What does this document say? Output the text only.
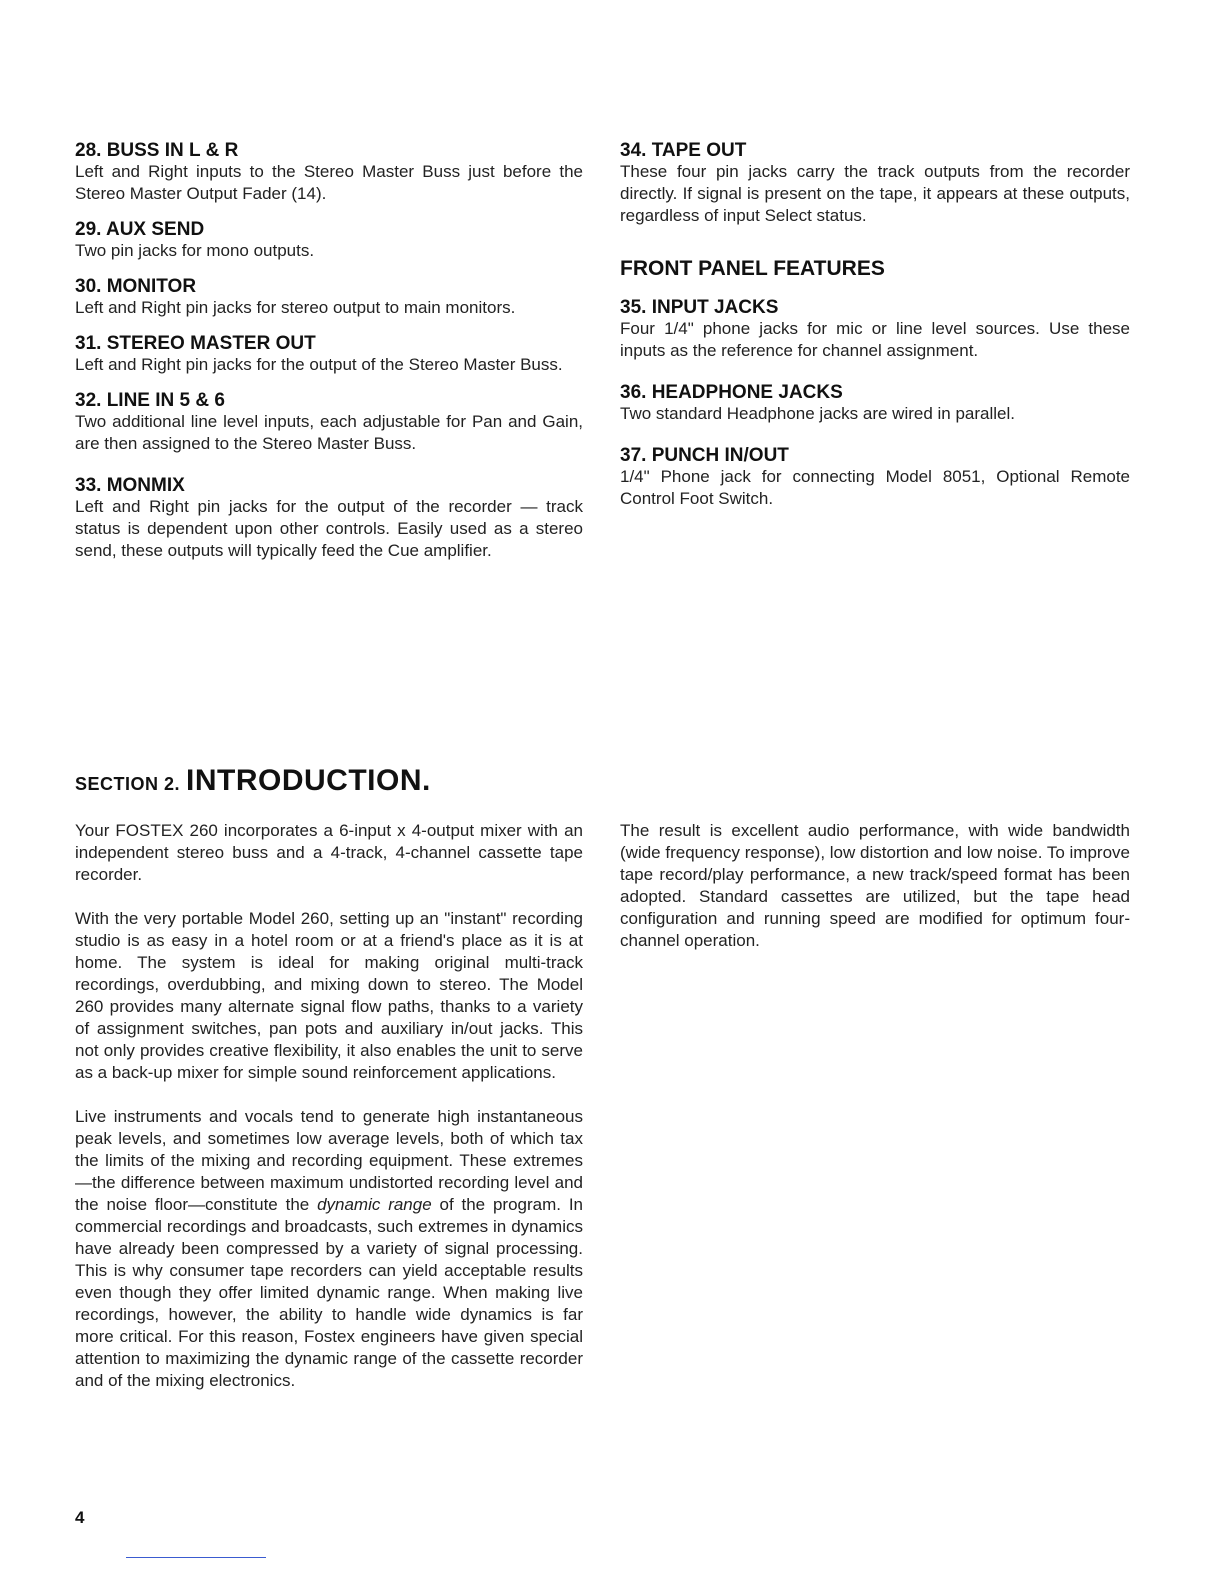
28. BUSS IN L & R

Left and Right inputs to the Stereo Master Buss just before the Stereo Master Output Fader (14).

29. AUX SEND

Two pin jacks for mono outputs.

30. MONITOR

Left and Right pin jacks for stereo output to main monitors.

31. STEREO MASTER OUT

Left and Right pin jacks for the output of the Stereo Master Buss.

32. LINE IN 5 & 6

Two additional line level inputs, each adjustable for Pan and Gain, are then assigned to the Stereo Master Buss.

33. MONMIX

Left and Right pin jacks for the output of the recorder — track status is dependent upon other controls. Easily used as a stereo send, these outputs will typically feed the Cue amplifier.

34. TAPE OUT

These four pin jacks carry the track outputs from the recorder directly. If signal is present on the tape, it appears at these outputs, regardless of input Select status.

FRONT PANEL FEATURES

35. INPUT JACKS

Four 1/4" phone jacks for mic or line level sources. Use these inputs as the reference for channel assignment.

36. HEADPHONE JACKS

Two standard Headphone jacks are wired in parallel.

37. PUNCH IN/OUT

1/4" Phone jack for connecting Model 8051, Optional Remote Control Foot Switch.

SECTION 2. INTRODUCTION.

Your FOSTEX 260 incorporates a 6-input x 4-output mixer with an independent stereo buss and a 4-track, 4-channel cassette tape recorder.

With the very portable Model 260, setting up an "instant" recording studio is as easy in a hotel room or at a friend's place as it is at home. The system is ideal for making original multi-track recordings, overdubbing, and mixing down to stereo. The Model 260 provides many alternate signal flow paths, thanks to a variety of assignment switches, pan pots and auxiliary in/out jacks. This not only provides creative flexibility, it also enables the unit to serve as a back-up mixer for simple sound reinforcement applications.

Live instruments and vocals tend to generate high instantaneous peak levels, and sometimes low average levels, both of which tax the limits of the mixing and recording equipment. These extremes—the difference between maximum undistorted recording level and the noise floor—constitute the dynamic range of the program. In commercial recordings and broadcasts, such extremes in dynamics have already been compressed by a variety of signal processing. This is why consumer tape recorders can yield acceptable results even though they offer limited dynamic range. When making live recordings, however, the ability to handle wide dynamics is far more critical. For this reason, Fostex engineers have given special attention to maximizing the dynamic range of the cassette recorder and of the mixing electronics.

The result is excellent audio performance, with wide bandwidth (wide frequency response), low distortion and low noise. To improve tape record/play performance, a new track/speed format has been adopted. Standard cassettes are utilized, but the tape head configuration and running speed are modified for optimum four-channel operation.

4
